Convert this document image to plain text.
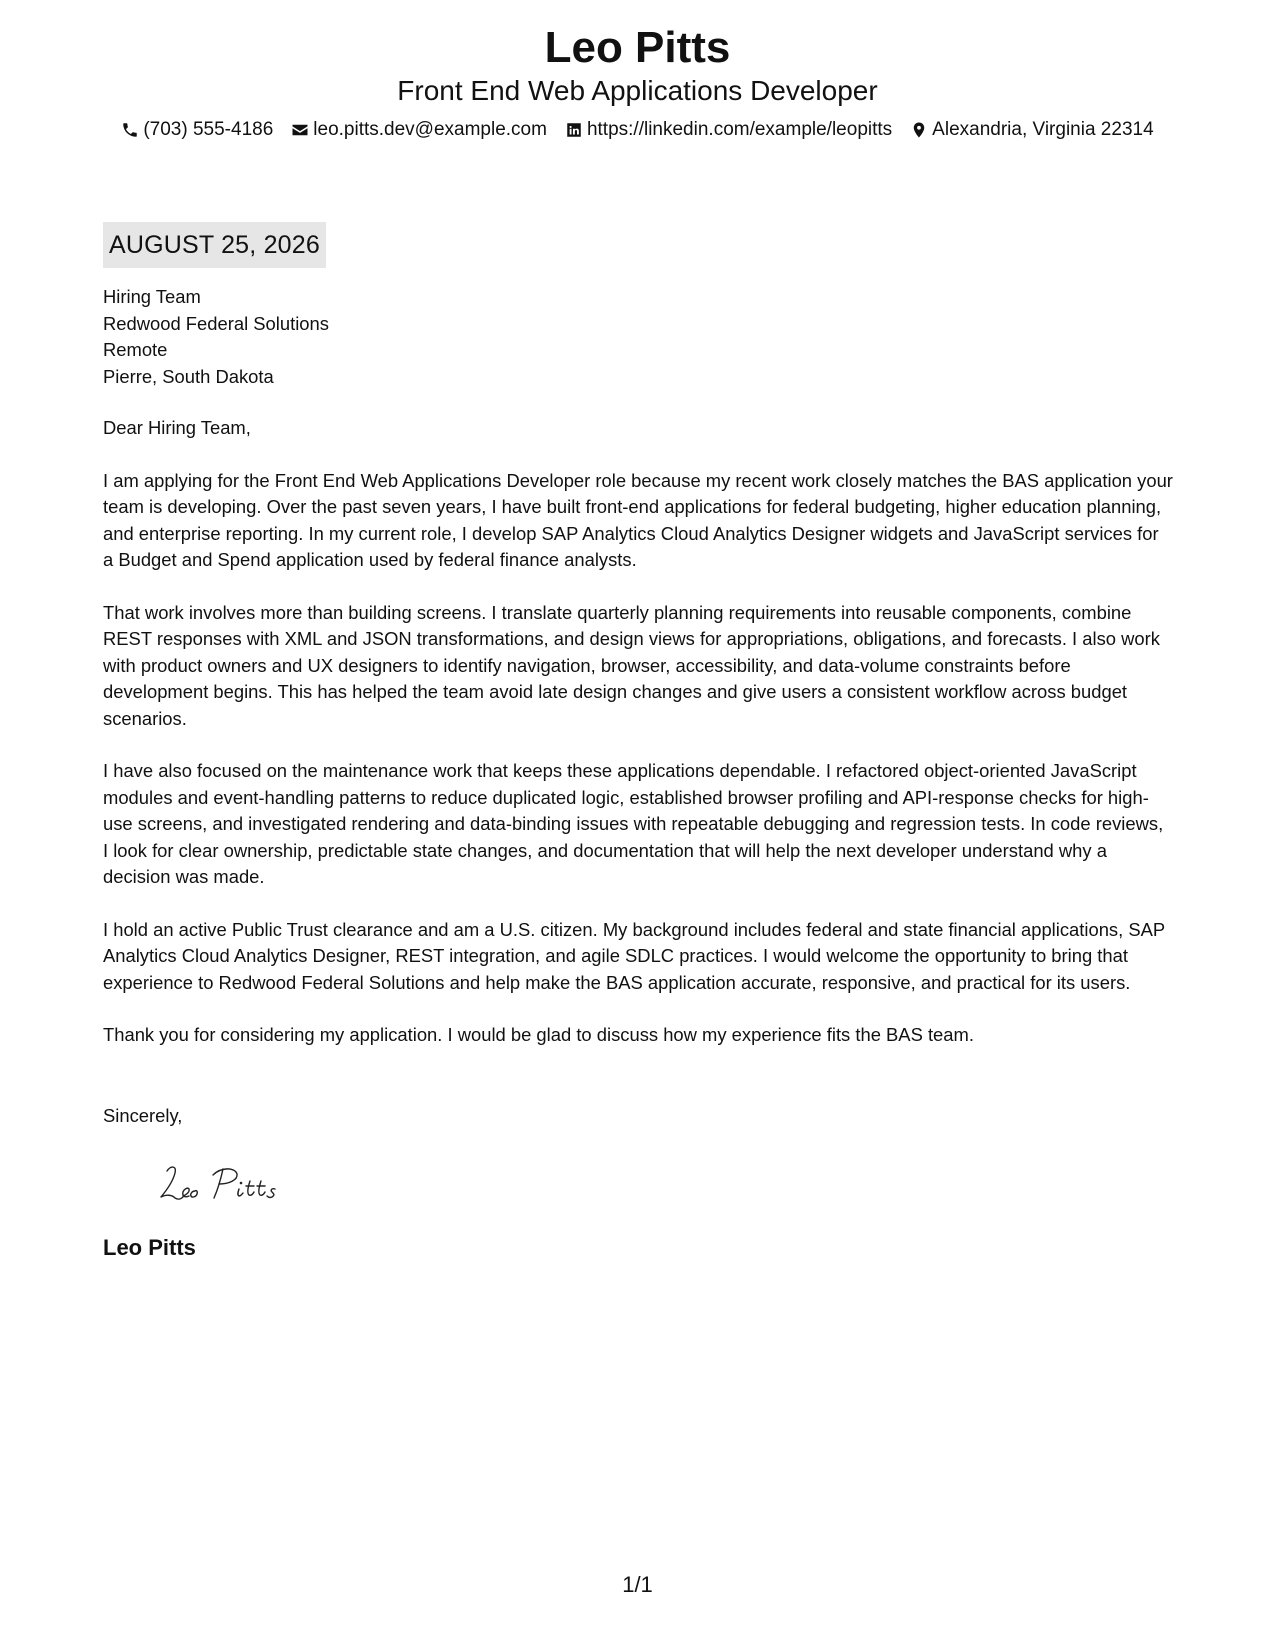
Leo Pitts
Front End Web Applications Developer
(703) 555-4186 leo.pitts.dev@example.com https://linkedin.com/example/leopitts Alexandria, Virginia 22314
AUGUST 25, 2026
Hiring Team
Redwood Federal Solutions
Remote
Pierre, South Dakota
Dear Hiring Team,
I am applying for the Front End Web Applications Developer role because my recent work closely matches the BAS application your team is developing. Over the past seven years, I have built front-end applications for federal budgeting, higher education planning, and enterprise reporting. In my current role, I develop SAP Analytics Cloud Analytics Designer widgets and JavaScript services for a Budget and Spend application used by federal finance analysts.
That work involves more than building screens. I translate quarterly planning requirements into reusable components, combine REST responses with XML and JSON transformations, and design views for appropriations, obligations, and forecasts. I also work with product owners and UX designers to identify navigation, browser, accessibility, and data-volume constraints before development begins. This has helped the team avoid late design changes and give users a consistent workflow across budget scenarios.
I have also focused on the maintenance work that keeps these applications dependable. I refactored object-oriented JavaScript modules and event-handling patterns to reduce duplicated logic, established browser profiling and API-response checks for high-use screens, and investigated rendering and data-binding issues with repeatable debugging and regression tests. In code reviews, I look for clear ownership, predictable state changes, and documentation that will help the next developer understand why a decision was made.
I hold an active Public Trust clearance and am a U.S. citizen. My background includes federal and state financial applications, SAP Analytics Cloud Analytics Designer, REST integration, and agile SDLC practices. I would welcome the opportunity to bring that experience to Redwood Federal Solutions and help make the BAS application accurate, responsive, and practical for its users.
Thank you for considering my application. I would be glad to discuss how my experience fits the BAS team.
Sincerely,
Leo Pitts
1/1
